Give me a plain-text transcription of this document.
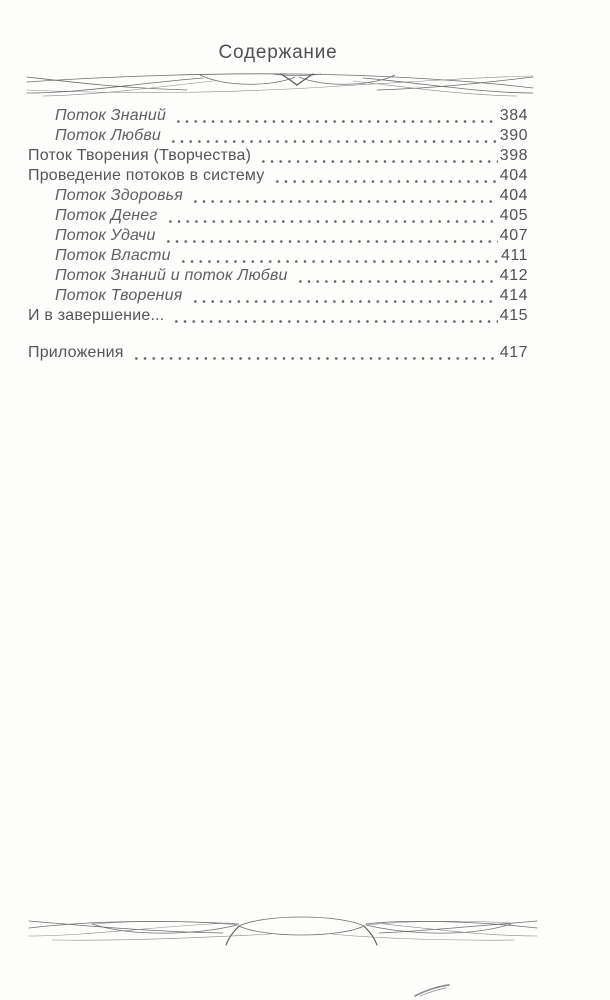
Содержание
Поток Знаний	384
Поток Любви	390
Поток Творения (Творчества)	398
Проведение потоков в систему	404
Поток Здоровья	404
Поток Денег	405
Поток Удачи	407
Поток Власти	411
Поток Знаний и поток Любви	412
Поток Творения	414
И в завершение...	415
Приложения	417
